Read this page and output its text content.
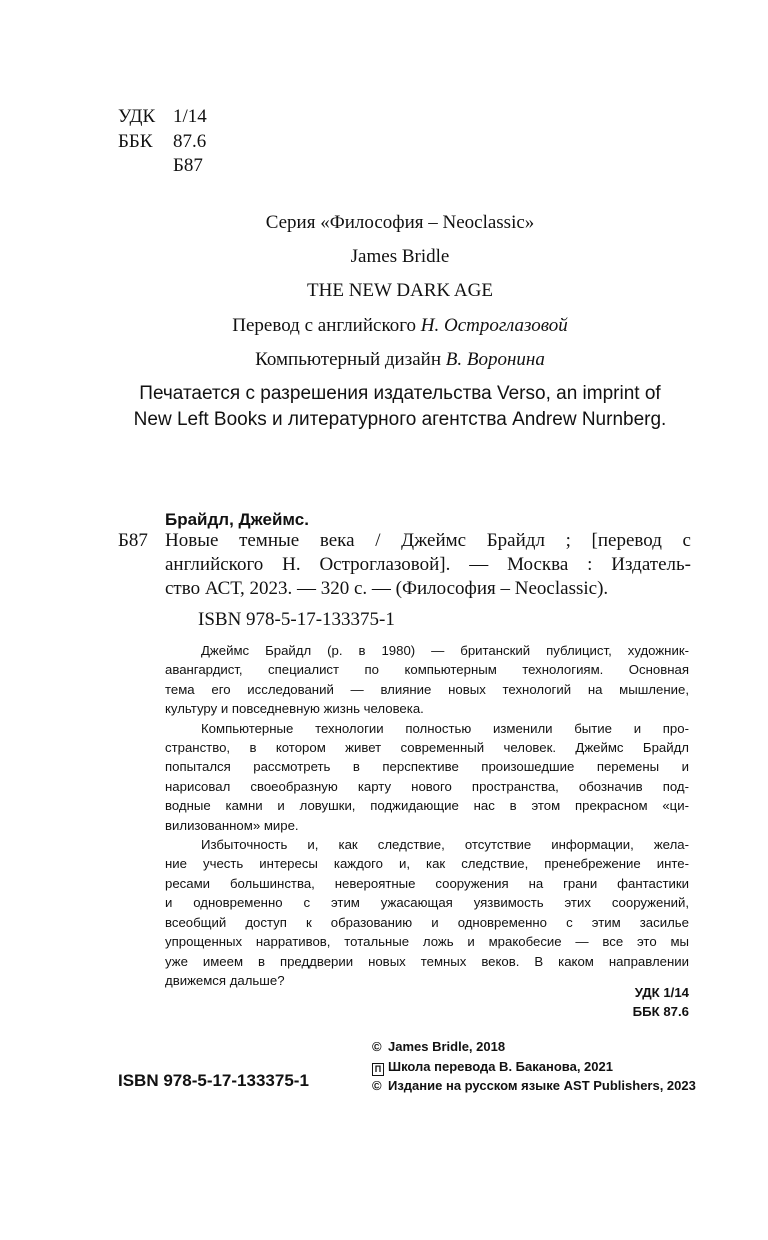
УДК 1/14
ББК 87.6
Б87
Серия «Философия – Neoclassic»
James Bridle
THE NEW DARK AGE
Перевод с английского Н. Остроглазовой
Компьютерный дизайн В. Воронина
Печатается с разрешения издательства Verso, an imprint of
New Left Books и литературного агентства Andrew Nurnberg.
Брайдл, Джеймс.
Б87 Новые темные века / Джеймс Брайдл ; [перевод с
английского Н. Остроглазовой]. — Москва : Издатель-
ство АСТ, 2023. — 320 с. — (Философия – Neoclassic).
ISBN 978-5-17-133375-1
Джеймс Брайдл (р. в 1980) — британский публицист, художник-
авангардист, специалист по компьютерным технологиям. Основная
тема его исследований — влияние новых технологий на мышление,
культуру и повседневную жизнь человека.
Компьютерные технологии полностью изменили бытие и про-
странство, в котором живет современный человек. Джеймс Брайдл
попытался рассмотреть в перспективе произошедшие перемены и
нарисовал своеобразную карту нового пространства, обозначив под-
водные камни и ловушки, поджидающие нас в этом прекрасном «ци-
вилизованном» мире.
Избыточность и, как следствие, отсутствие информации, жела-
ние учесть интересы каждого и, как следствие, пренебрежение инте-
ресами большинства, невероятные сооружения на грани фантастики
и одновременно с этим ужасающая уязвимость этих сооружений,
всеобщий доступ к образованию и одновременно с этим засилье
упрощенных нарративов, тотальные ложь и мракобесие — все это мы
уже имеем в преддверии новых темных веков. В каком направлении
движемся дальше?
УДК 1/14
ББК 87.6
ISBN 978-5-17-133375-1
© James Bridle, 2018
П Школа перевода В. Баканова, 2021
© Издание на русском языке AST Publishers, 2023
